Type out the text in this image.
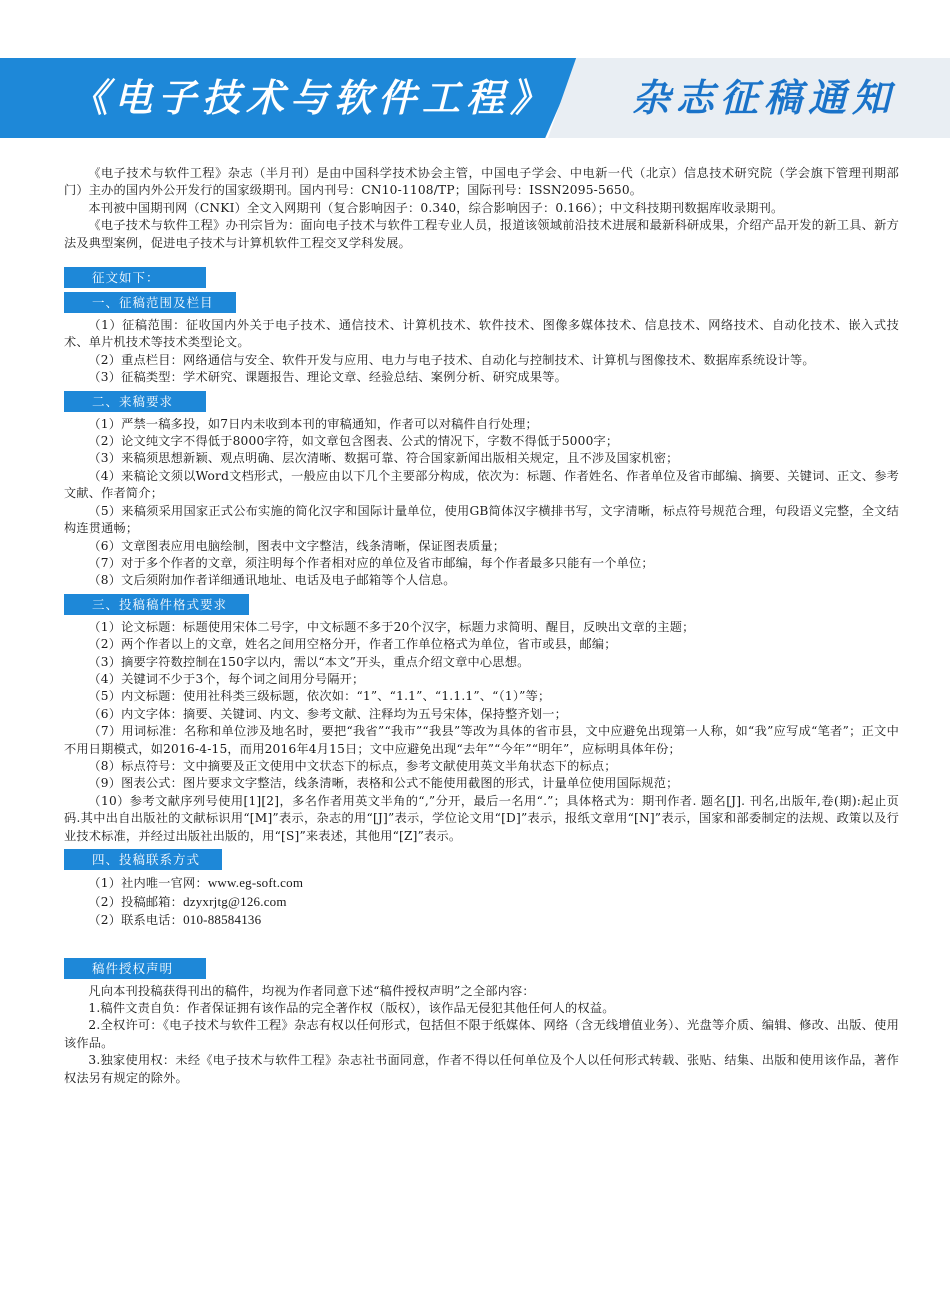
《电子技术与软件工程》 杂志征稿通知

《电子技术与软件工程》杂志（半月刊）是由中国科学技术协会主管，中国电子学会、中电新一代（北京）信息技术研究院（学会旗下管理刊期部门）主办的国内外公开发行的国家级期刊。国内刊号：CN10-1108/TP；国际刊号：ISSN2095-5650。

本刊被中国期刊网（CNKI）全文入网期刊（复合影响因子：0.340，综合影响因子：0.166）；中文科技期刊数据库收录期刊。

《电子技术与软件工程》办刊宗旨为：面向电子技术与软件工程专业人员，报道该领域前沿技术进展和最新科研成果，介绍产品开发的新工具、新方法及典型案例，促进电子技术与计算机软件工程交叉学科发展。

征文如下：
一、征稿范围及栏目

（1）征稿范围：征收国内外关于电子技术、通信技术、计算机技术、软件技术、图像多媒体技术、信息技术、网络技术、自动化技术、嵌入式技术、单片机技术等技术类型论文。

（2）重点栏目：网络通信与安全、软件开发与应用、电力与电子技术、自动化与控制技术、计算机与图像技术、数据库系统设计等。

（3）征稿类型：学术研究、课题报告、理论文章、经验总结、案例分析、研究成果等。

二、来稿要求

（1）严禁一稿多投，如7日内未收到本刊的审稿通知，作者可以对稿件自行处理；

（2）论文纯文字不得低于8000字符，如文章包含图表、公式的情况下，字数不得低于5000字；

（3）来稿须思想新颖、观点明确、层次清晰、数据可靠、符合国家新闻出版相关规定，且不涉及国家机密；

（4）来稿论文须以Word文档形式，一般应由以下几个主要部分构成，依次为：标题、作者姓名、作者单位及省市邮编、摘要、关键词、正文、参考文献、作者简介；

（5）来稿须采用国家正式公布实施的简化汉字和国际计量单位，使用GB简体汉字横排书写，文字清晰，标点符号规范合理，句段语义完整，全文结构连贯通畅；

（6）文章图表应用电脑绘制，图表中文字整洁，线条清晰，保证图表质量；

（7）对于多个作者的文章，须注明每个作者相对应的单位及省市邮编，每个作者最多只能有一个单位；

（8）文后须附加作者详细通讯地址、电话及电子邮箱等个人信息。

三、投稿稿件格式要求

（1）论文标题：标题使用宋体二号字，中文标题不多于20个汉字，标题力求简明、醒目，反映出文章的主题；

（2）两个作者以上的文章，姓名之间用空格分开，作者工作单位格式为单位，省市或县，邮编；

（3）摘要字符数控制在150字以内，需以“本文”开头，重点介绍文章中心思想。

（4）关键词不少于3个，每个词之间用分号隔开；

（5）内文标题：使用社科类三级标题，依次如：“1”、“1.1”、“1.1.1”、“（1）”等；

（6）内文字体：摘要、关键词、内文、参考文献、注释均为五号宋体，保持整齐划一；

（7）用词标准：名称和单位涉及地名时，要把“我省”“我市”“我县”等改为具体的省市县，文中应避免出现第一人称，如“我”应写成“笔者”；正文中不用日期模式，如2016-4-15，而用2016年4月15日；文中应避免出现“去年”“今年”“明年”，应标明具体年份；

（8）标点符号：文中摘要及正文使用中文状态下的标点，参考文献使用英文半角状态下的标点；

（9）图表公式：图片要求文字整洁，线条清晰，表格和公式不能使用截图的形式，计量单位使用国际规范；

（10）参考文献序列号使用[1][2]，多名作者用英文半角的“,”分开，最后一名用“.”；具体格式为：期刊作者. 题名[J]. 刊名,出版年,卷(期):起止页码.其中出自出版社的文献标识用“[M]”表示，杂志的用“[J]”表示，学位论文用“[D]”表示，报纸文章用“[N]”表示，国家和部委制定的法规、政策以及行业技术标准，并经过出版社出版的，用“[S]”来表述，其他用“[Z]”表示。

四、投稿联系方式

（1）社内唯一官网：www.eg-soft.com

（2）投稿邮箱：dzyxrjtg@126.com

（2）联系电话：010-88584136

稿件授权声明

凡向本刊投稿获得刊出的稿件，均视为作者同意下述“稿件授权声明”之全部内容：

1.稿件文责自负：作者保证拥有该作品的完全著作权（版权），该作品无侵犯其他任何人的权益。

2.全权许可：《电子技术与软件工程》杂志有权以任何形式，包括但不限于纸媒体、网络（含无线增值业务）、光盘等介质、编辑、修改、出版、使用该作品。

3.独家使用权：未经《电子技术与软件工程》杂志社书面同意，作者不得以任何单位及个人以任何形式转载、张贴、结集、出版和使用该作品，著作权法另有规定的除外。
